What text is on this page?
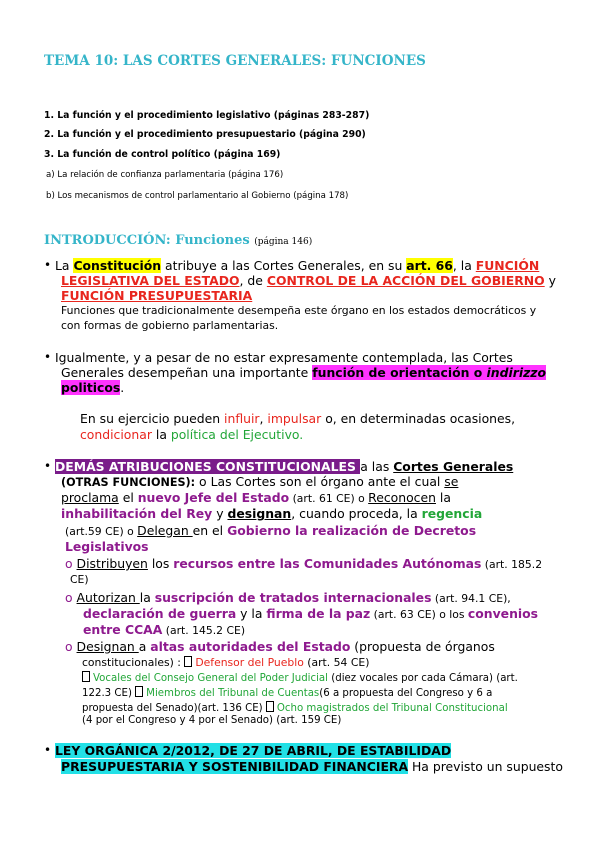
TEMA 10: LAS CORTES GENERALES: FUNCIONES
1. La función y el procedimiento legislativo (páginas 283-287)
2. La función y el procedimiento presupuestario (página 290)
3. La función de control político (página 169)
a) La relación de confianza parlamentaria (página 176)
b) Los mecanismos de control parlamentario al Gobierno (página 178)
INTRODUCCIÓN: Funciones (página 146)
• La Constitución atribuye a las Cortes Generales, en su art. 66, la FUNCIÓN
LEGISLATIVA DEL ESTADO, de CONTROL DE LA ACCIÓN DEL GOBIERNO y
FUNCIÓN PRESUPUESTARIA
Funciones que tradicionalmente desempeña este órgano en los estados democráticos y
con formas de gobierno parlamentarias.
• Igualmente, y a pesar de no estar expresamente contemplada, las Cortes
Generales desempeñan una importante función de orientación o indirizzo
politicos.
En su ejercicio pueden influir, impulsar o, en determinadas ocasiones,
condicionar la política del Ejecutivo.
• DEMÁS ATRIBUCIONES CONSTITUCIONALES a las Cortes Generales
(OTRAS FUNCIONES): o Las Cortes son el órgano ante el cual se
proclama el nuevo Jefe del Estado (art. 61 CE) o Reconocen la
inhabilitación del Rey y designan, cuando proceda, la regencia
(art.59 CE) o Delegan en el Gobierno la realización de Decretos
Legislativos
o Distribuyen los recursos entre las Comunidades Autónomas (art. 185.2
CE)
o Autorizan la suscripción de tratados internacionales (art. 94.1 CE),
declaración de guerra y la firma de la paz (art. 63 CE) o los convenios
entre CCAA (art. 145.2 CE)
o Designan a altas autoridades del Estado (propuesta de órganos
constitucionales) : Defensor del Pueblo (art. 54 CE)
Vocales del Consejo General del Poder Judicial (diez vocales por cada Cámara) (art.
122.3 CE) Miembros del Tribunal de Cuentas(6 a propuesta del Congreso y 6 a
propuesta del Senado)(art. 136 CE) Ocho magistrados del Tribunal Constitucional
(4 por el Congreso y 4 por el Senado) (art. 159 CE)
• LEY ORGÁNICA 2/2012, DE 27 DE ABRIL, DE ESTABILIDAD
PRESUPUESTARIA Y SOSTENIBILIDAD FINANCIERA Ha previsto un supuesto
